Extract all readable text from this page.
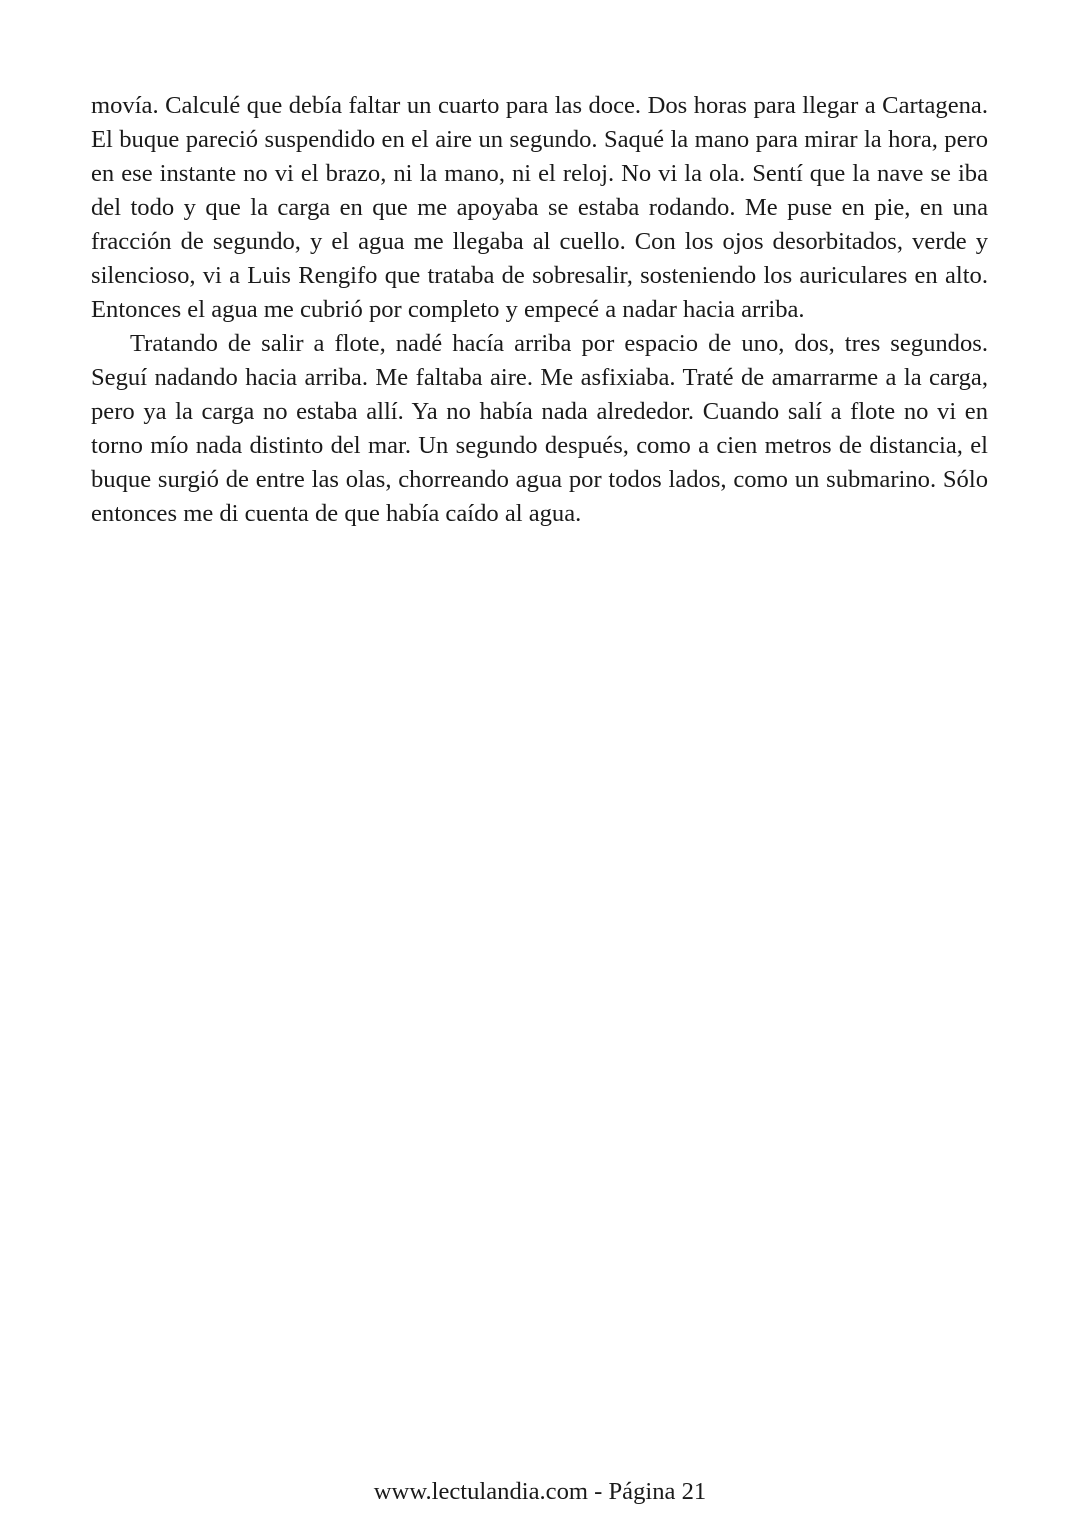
movía. Calculé que debía faltar un cuarto para las doce. Dos horas para llegar a Cartagena. El buque pareció suspendido en el aire un segundo. Saqué la mano para mirar la hora, pero en ese instante no vi el brazo, ni la mano, ni el reloj. No vi la ola. Sentí que la nave se iba del todo y que la carga en que me apoyaba se estaba rodando. Me puse en pie, en una fracción de segundo, y el agua me llegaba al cuello. Con los ojos desorbitados, verde y silencioso, vi a Luis Rengifo que trataba de sobresalir, sosteniendo los auriculares en alto. Entonces el agua me cubrió por completo y empecé a nadar hacia arriba.

Tratando de salir a flote, nadé hacía arriba por espacio de uno, dos, tres segundos. Seguí nadando hacia arriba. Me faltaba aire. Me asfixiaba. Traté de amarrarme a la carga, pero ya la carga no estaba allí. Ya no había nada alrededor. Cuando salí a flote no vi en torno mío nada distinto del mar. Un segundo después, como a cien metros de distancia, el buque surgió de entre las olas, chorreando agua por todos lados, como un submarino. Sólo entonces me di cuenta de que había caído al agua.

www.lectulandia.com - Página 21
